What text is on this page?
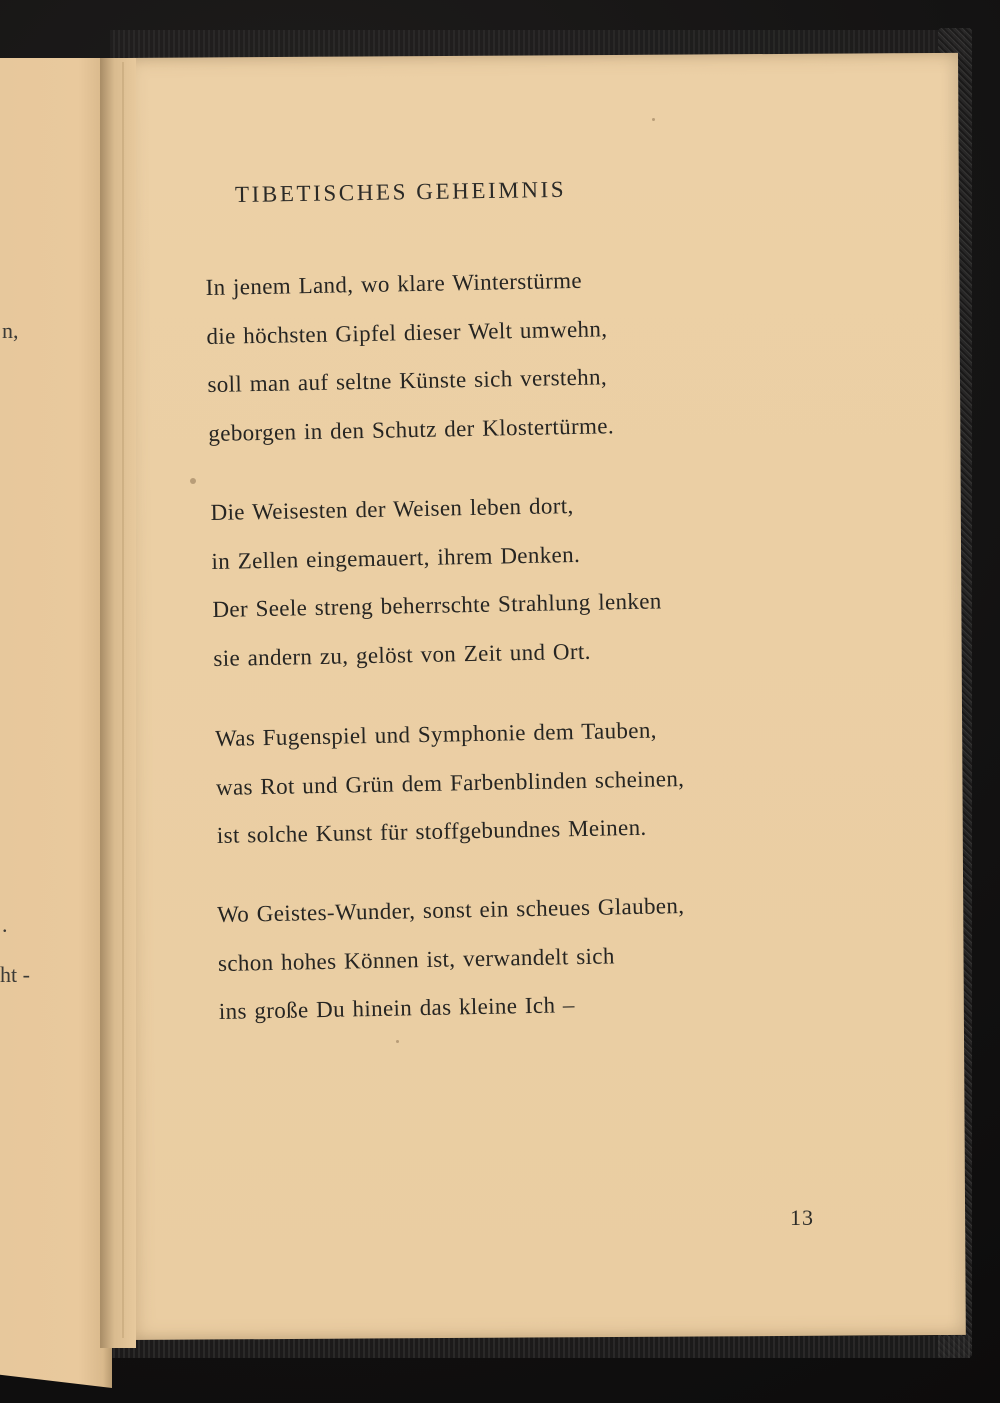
n,
.
ht -
TIBETISCHES GEHEIMNIS
In jenem Land, wo klare Winterstürme
die höchsten Gipfel dieser Welt umwehn,
soll man auf seltne Künste sich verstehn,
geborgen in den Schutz der Klostertürme.
Die Weisesten der Weisen leben dort,
in Zellen eingemauert, ihrem Denken.
Der Seele streng beherrschte Strahlung lenken
sie andern zu, gelöst von Zeit und Ort.
Was Fugenspiel und Symphonie dem Tauben,
was Rot und Grün dem Farbenblinden scheinen,
ist solche Kunst für stoffgebundnes Meinen.
Wo Geistes-Wunder, sonst ein scheues Glauben,
schon hohes Können ist, verwandelt sich
ins große Du hinein das kleine Ich –
13
